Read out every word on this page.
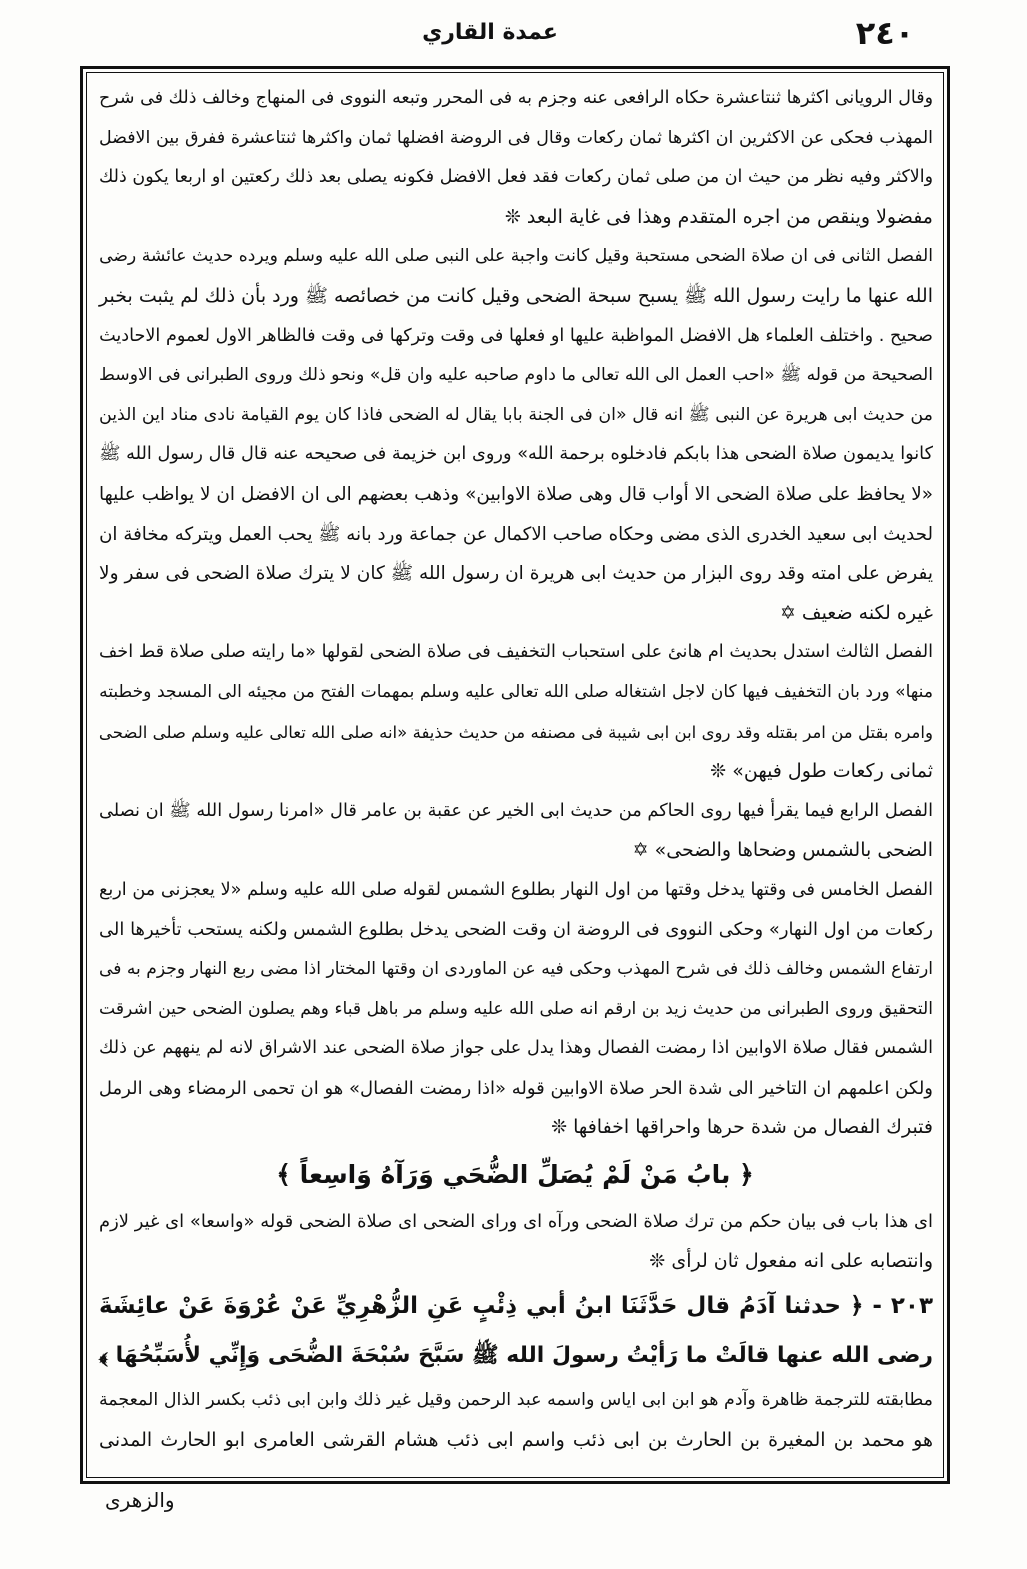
عمدة القاري	٢٤٠
وقال الرويانى اكثرها ثنتاعشرة حكاه الرافعى عنه وجزم به فى المحرر وتبعه النووى فى المنهاج وخالف ذلك فى شرح
المهذب فحكى عن الاكثرين ان اكثرها ثمان ركعات وقال فى الروضة افضلها ثمان واكثرها ثنتاعشرة ففرق بين الافضل
والاكثر وفيه نظر من حيث ان من صلى ثمان ركعات فقد فعل الافضل فكونه يصلى بعد ذلك ركعتين او اربعا يكون ذلك
مفضولا وينقص من اجره المتقدم وهذا فى غاية البعد ❊
الفصل الثانى فى ان صلاة الضحى مستحبة وقيل كانت واجبة على النبى صلى الله عليه وسلم ويرده حديث عائشة رضى
الله عنها ما رايت رسول الله ﷺ يسبح سبحة الضحى وقيل كانت من خصائصه ﷺ ورد بأن ذلك لم يثبت بخبر
صحيح . واختلف العلماء هل الافضل المواظبة عليها او فعلها فى وقت وتركها فى وقت فالظاهر الاول لعموم الاحاديث
الصحيحة من قوله ﷺ «احب العمل الى الله تعالى ما داوم صاحبه عليه وان قل» ونحو ذلك وروى الطبرانى فى الاوسط
من حديث ابى هريرة عن النبى ﷺ انه قال «ان فى الجنة بابا يقال له الضحى فاذا كان يوم القيامة نادى مناد اين الذين
كانوا يديمون صلاة الضحى هذا بابكم فادخلوه برحمة الله» وروى ابن خزيمة فى صحيحه عنه قال قال رسول الله ﷺ
«لا يحافظ على صلاة الضحى الا أواب قال وهى صلاة الاوابين» وذهب بعضهم الى ان الافضل ان لا يواظب عليها
لحديث ابى سعيد الخدرى الذى مضى وحكاه صاحب الاكمال عن جماعة ورد بانه ﷺ يحب العمل ويتركه مخافة ان
يفرض على امته وقد روى البزار من حديث ابى هريرة ان رسول الله ﷺ كان لا يترك صلاة الضحى فى سفر ولا
غيره لكنه ضعيف ✡
الفصل الثالث استدل بحديث ام هانئ على استحباب التخفيف فى صلاة الضحى لقولها «ما رايته صلى صلاة قط اخف
منها» ورد بان التخفيف فيها كان لاجل اشتغاله صلى الله تعالى عليه وسلم بمهمات الفتح من مجيئه الى المسجد وخطبته
وامره بقتل من امر بقتله وقد روى ابن ابى شيبة فى مصنفه من حديث حذيفة «انه صلى الله تعالى عليه وسلم صلى الضحى
ثمانى ركعات طول فيهن» ❊
الفصل الرابع فيما يقرأ فيها روى الحاكم من حديث ابى الخير عن عقبة بن عامر قال «امرنا رسول الله ﷺ ان نصلى
الضحى بالشمس وضحاها والضحى» ✡
الفصل الخامس فى وقتها يدخل وقتها من اول النهار بطلوع الشمس لقوله صلى الله عليه وسلم «لا يعجزنى من اربع
ركعات من اول النهار» وحكى النووى فى الروضة ان وقت الضحى يدخل بطلوع الشمس ولكنه يستحب تأخيرها الى
ارتفاع الشمس وخالف ذلك فى شرح المهذب وحكى فيه عن الماوردى ان وقتها المختار اذا مضى ربع النهار وجزم به فى
التحقيق وروى الطبرانى من حديث زيد بن ارقم انه صلى الله عليه وسلم مر باهل قباء وهم يصلون الضحى حين اشرقت
الشمس فقال صلاة الاوابين اذا رمضت الفصال وهذا يدل على جواز صلاة الضحى عند الاشراق لانه لم ينههم عن ذلك
ولكن اعلمهم ان التاخير الى شدة الحر صلاة الاوابين قوله «اذا رمضت الفصال» هو ان تحمى الرمضاء وهى الرمل
فتبرك الفصال من شدة حرها واحراقها اخفافها ❊
﴿ بابُ مَنْ لَمْ يُصَلِّ الضُّحَي وَرَآهُ وَاسِعاً ﴾
اى هذا باب فى بيان حكم من ترك صلاة الضحى ورآه اى وراى الضحى اى صلاة الضحى قوله «واسعا» اى غير لازم
وانتصابه على انه مفعول ثان لرأى ❊
٢٠٣ - ﴿ حدثنا آدَمُ قال حَدَّثَنَا ابنُ أبي ذِئْبٍ عَنِ الزُّهْرِيِّ عَنْ عُرْوَةَ عَنْ عائِشَةَ
رضى الله عنها قالَتْ ما رَأيْتُ رسولَ الله ﷺ سَبَّحَ سُبْحَةَ الضُّحَى وَإِنِّي لأُسَبِّحُهَا ﴾
مطابقته للترجمة ظاهرة وآدم هو ابن ابى اياس واسمه عبد الرحمن وقيل غير ذلك وابن ابى ذئب بكسر الذال المعجمة
هو محمد بن المغيرة بن الحارث بن ابى ذئب واسم ابى ذئب هشام القرشى العامرى ابو الحارث المدنى
والزهرى
